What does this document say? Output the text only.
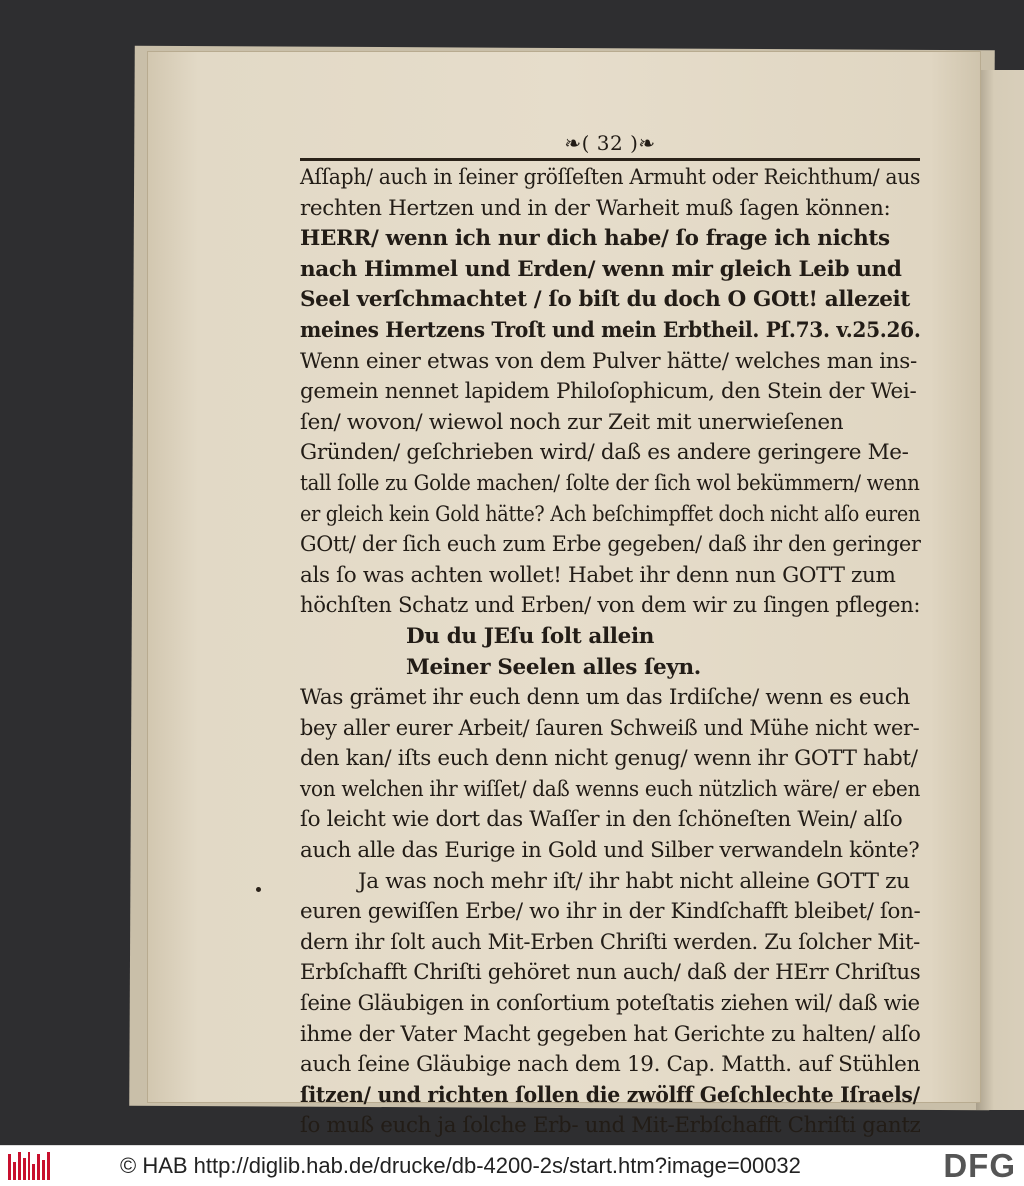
❧( 32 )❧
Aſſaph/ auch in ſeiner gröſſeſten Armuht oder Reichthum/ aus
rechten Hertzen und in der Warheit muß ſagen können:
HERR/ wenn ich nur dich habe/ ſo frage ich nichts
nach Himmel und Erden/ wenn mir gleich Leib und
Seel verſchmachtet / ſo biſt du doch O GOtt! allezeit
meines Hertzens Troſt und mein Erbtheil. Pſ.73. v.25.26.
Wenn einer etwas von dem Pulver hätte/ welches man ins-
gemein nennet lapidem Philoſophicum, den Stein der Wei-
ſen/ wovon/ wiewol noch zur Zeit mit unerwieſenen
Gründen/ geſchrieben wird/ daß es andere geringere Me-
tall ſolle zu Golde machen/ ſolte der ſich wol bekümmern/ wenn
er gleich kein Gold hätte? Ach beſchimpffet doch nicht alſo euren
GOtt/ der ſich euch zum Erbe gegeben/ daß ihr den geringer
als ſo was achten wollet! Habet ihr denn nun GOTT zum
höchſten Schatz und Erben/ von dem wir zu ſingen pflegen:
Du du JEſu ſolt allein
Meiner Seelen alles ſeyn.
Was grämet ihr euch denn um das Irdiſche/ wenn es euch
bey aller eurer Arbeit/ ſauren Schweiß und Mühe nicht wer-
den kan/ iſts euch denn nicht genug/ wenn ihr GOTT habt/
von welchen ihr wiſſet/ daß wenns euch nützlich wäre/ er eben
ſo leicht wie dort das Waſſer in den ſchöneſten Wein/ alſo
auch alle das Eurige in Gold und Silber verwandeln könte?
Ja was noch mehr iſt/ ihr habt nicht alleine GOTT zu
euren gewiſſen Erbe/ wo ihr in der Kindſchafft bleibet/ ſon-
dern ihr ſolt auch Mit-Erben Chriſti werden. Zu ſolcher Mit-
Erbſchafft Chriſti gehöret nun auch/ daß der HErr Chriſtus
ſeine Gläubigen in conſortium poteſtatis ziehen wil/ daß wie
ihme der Vater Macht gegeben hat Gerichte zu halten/ alſo
auch ſeine Gläubige nach dem 19. Cap. Matth. auf Stühlen
ſitzen/ und richten ſollen die zwölff Geſchlechte Iſraels/
ſo muß euch ja ſolche Erb- und Mit-Erbſchafft Chriſti gantz
© HAB http://diglib.hab.de/drucke/db-4200-2s/start.htm?image=00032	DFG
